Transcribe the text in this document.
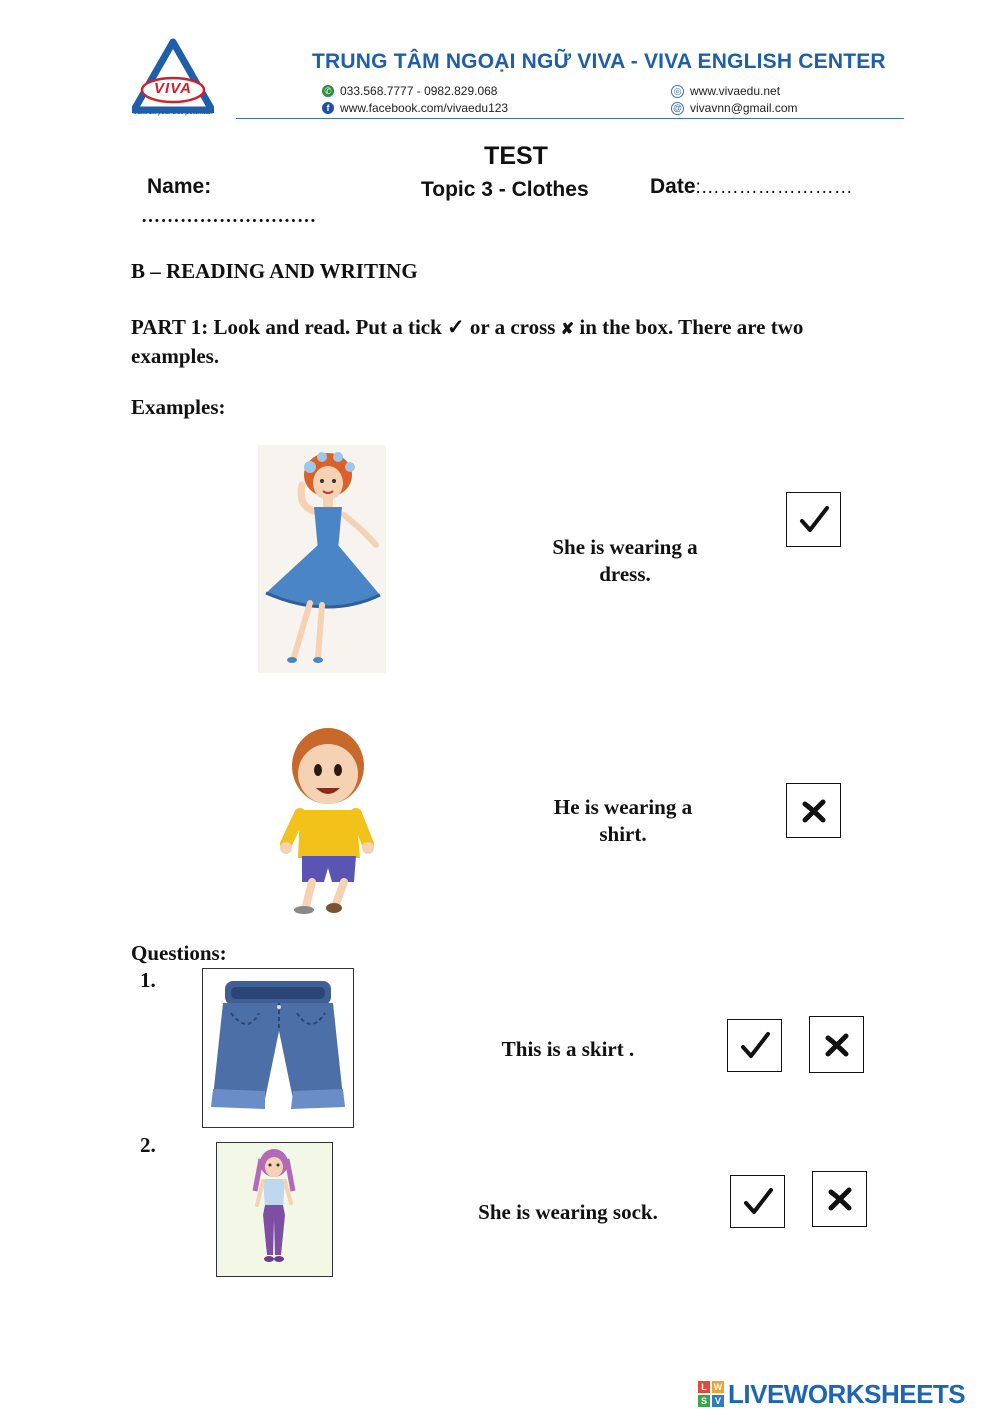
VIVA
Turn on your true potential
TRUNG TÂM NGOẠI NGỮ VIVA - VIVA ENGLISH CENTER
✆ 033.568.7777 - 0982.829.068
f www.facebook.com/vivaedu123
◎ www.vivaedu.net
@ vivavnn@gmail.com
TEST
Name:	Topic 3 - Clothes	Date:……………………
………………………
B – READING AND WRITING
PART 1: Look and read. Put a tick ✓ or a cross ✘ in the box. There are two
examples.
Examples:
She is wearing a
dress.
He is wearing a
shirt.
Questions:
1.
This is a skirt .
2.
She is wearing sock.
L W
S V LIVEWORKSHEETS
